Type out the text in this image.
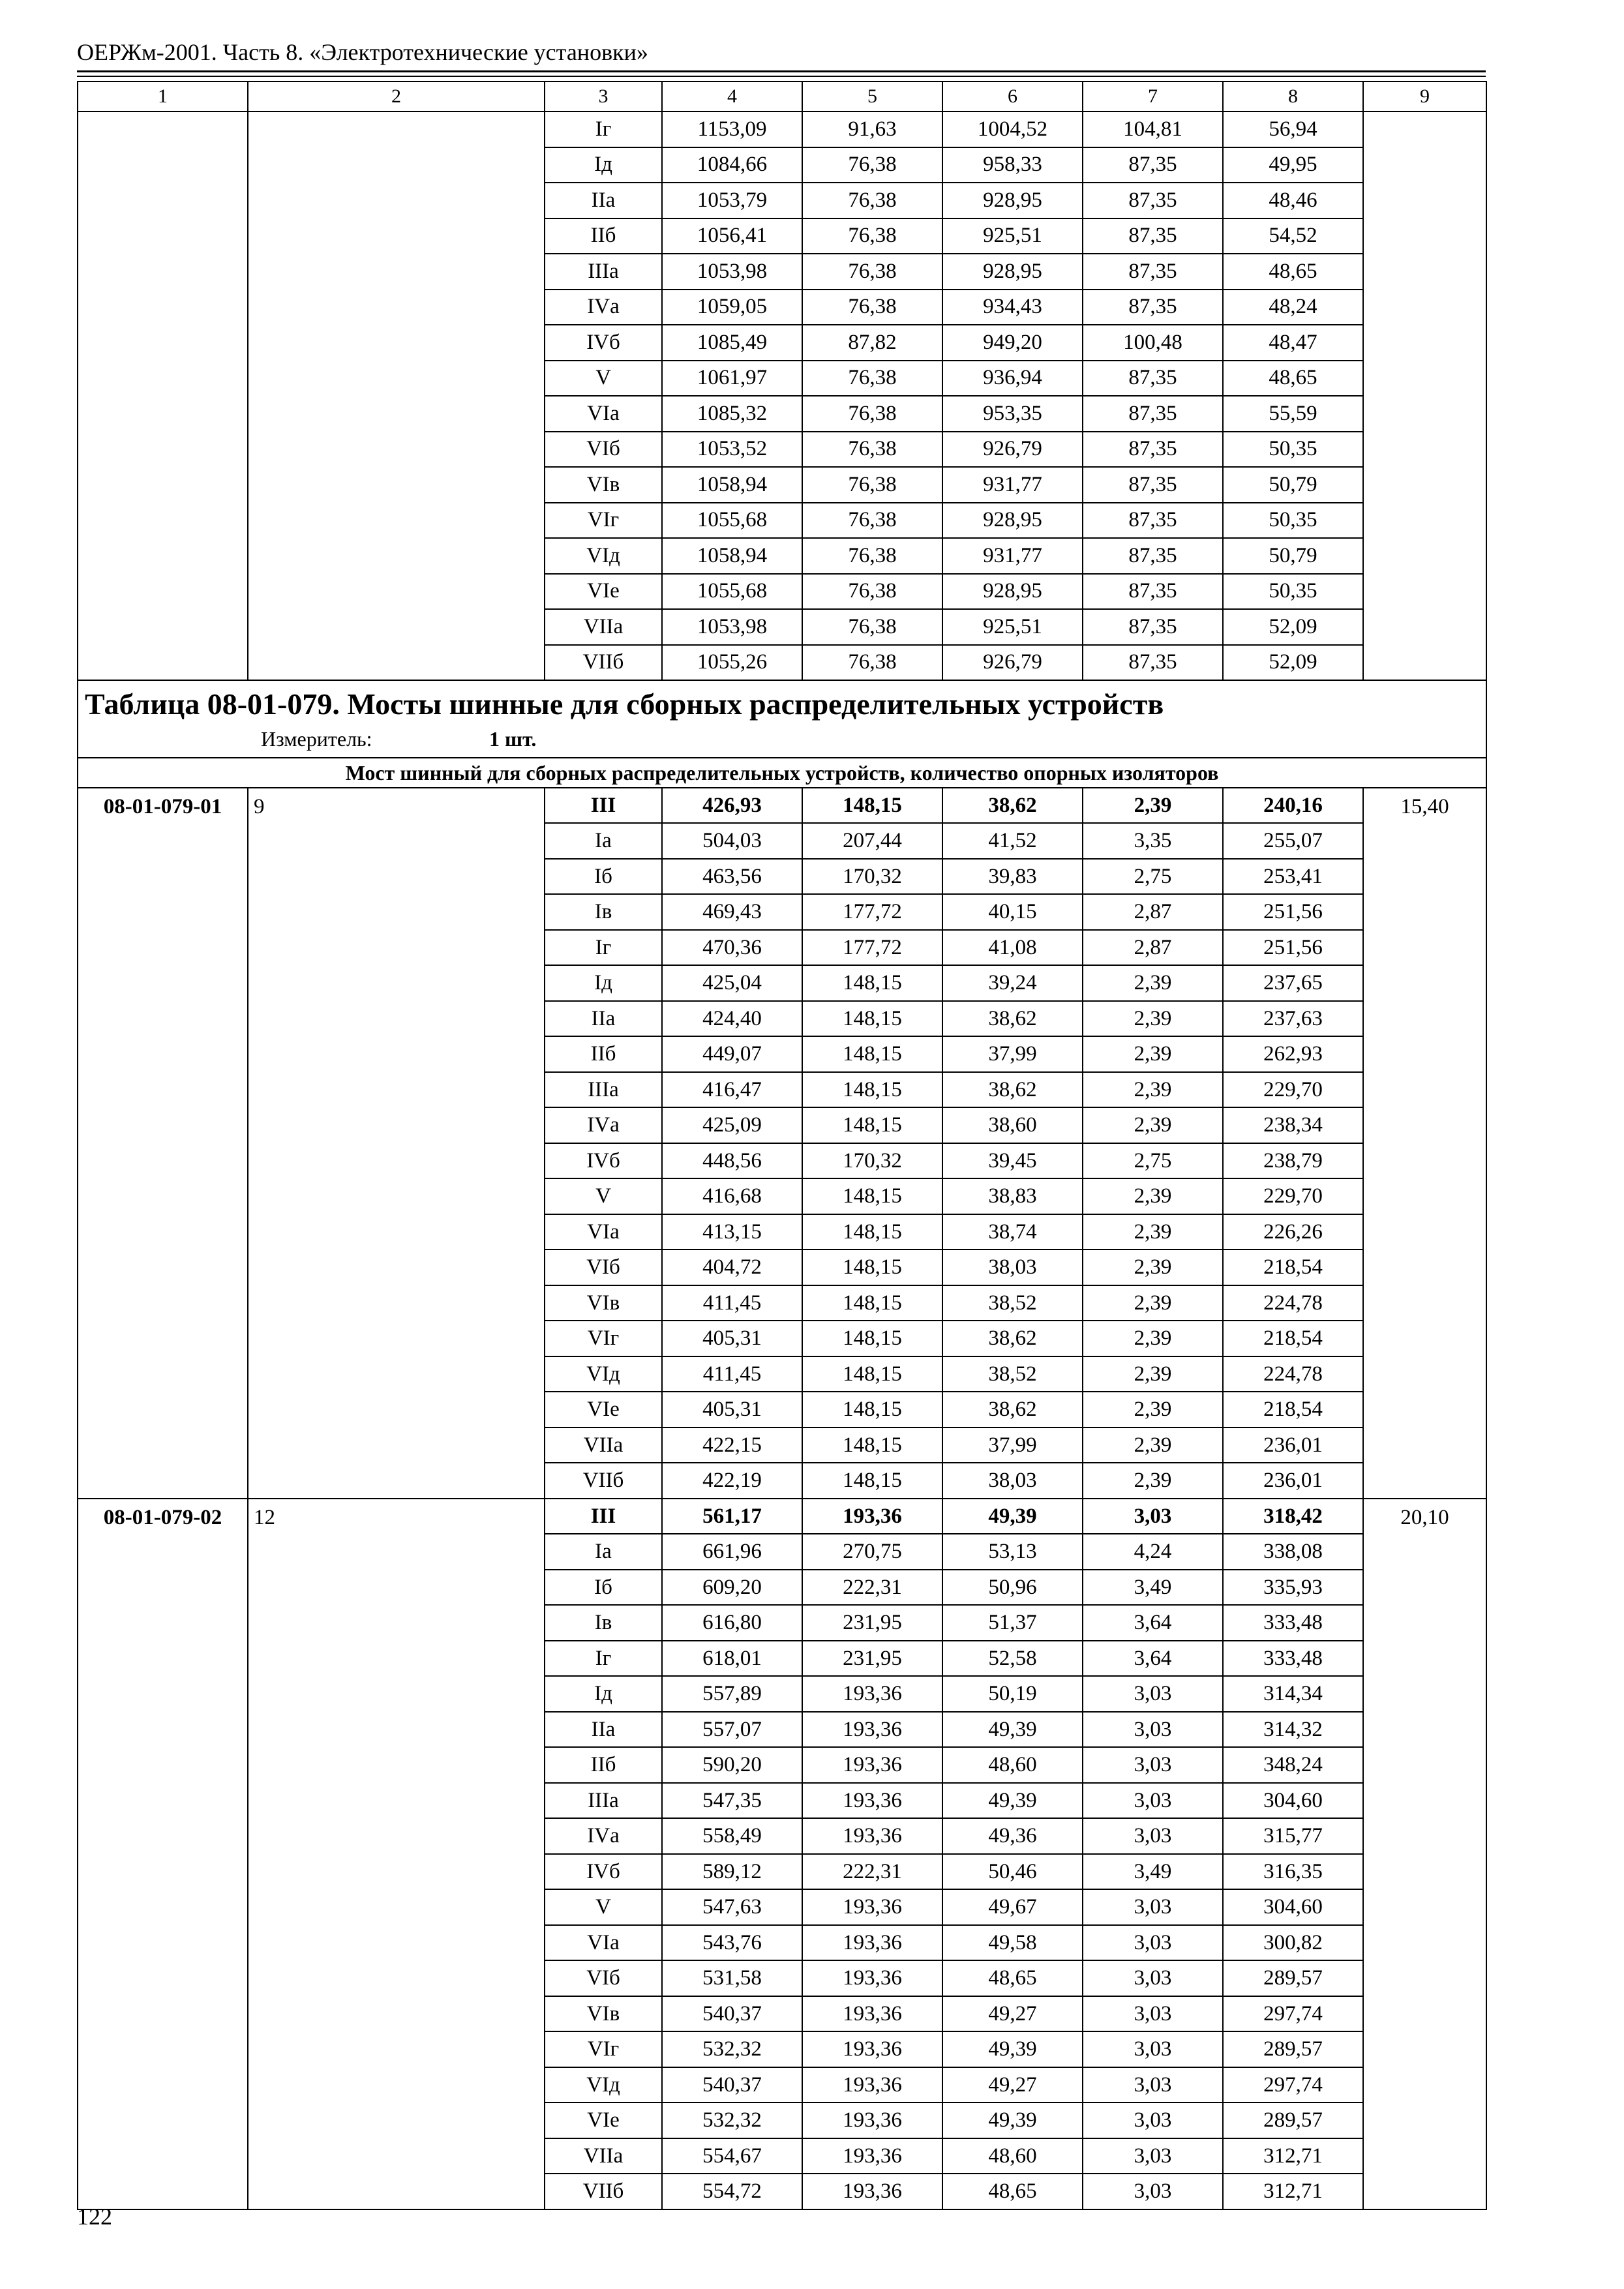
ОЕРЖм-2001. Часть 8. «Электротехнические установки»
1	2	3	4	5	6	7	8	9
		Iг	1153,09	91,63	1004,52	104,81	56,94	
		Iд	1084,66	76,38	958,33	87,35	49,95	
		IIа	1053,79	76,38	928,95	87,35	48,46	
		IIб	1056,41	76,38	925,51	87,35	54,52	
		IIIа	1053,98	76,38	928,95	87,35	48,65	
		IVа	1059,05	76,38	934,43	87,35	48,24	
		IVб	1085,49	87,82	949,20	100,48	48,47	
		V	1061,97	76,38	936,94	87,35	48,65	
		VIа	1085,32	76,38	953,35	87,35	55,59	
		VIб	1053,52	76,38	926,79	87,35	50,35	
		VIв	1058,94	76,38	931,77	87,35	50,79	
		VIг	1055,68	76,38	928,95	87,35	50,35	
		VIд	1058,94	76,38	931,77	87,35	50,79	
		VIе	1055,68	76,38	928,95	87,35	50,35	
		VIIа	1053,98	76,38	925,51	87,35	52,09	
		VIIб	1055,26	76,38	926,79	87,35	52,09	

Таблица 08-01-079. Мосты шинные для сборных распределительных устройств
Измеритель: 1 шт.								

Мост шинный для сборных распределительных устройств, количество опорных изоляторов								
08-01-079-01	9	III	426,93	148,15	38,62	2,39	240,16	15,40
		Iа	504,03	207,44	41,52	3,35	255,07	
		Iб	463,56	170,32	39,83	2,75	253,41	
		Iв	469,43	177,72	40,15	2,87	251,56	
		Iг	470,36	177,72	41,08	2,87	251,56	
		Iд	425,04	148,15	39,24	2,39	237,65	
		IIа	424,40	148,15	38,62	2,39	237,63	
		IIб	449,07	148,15	37,99	2,39	262,93	
		IIIа	416,47	148,15	38,62	2,39	229,70	
		IVа	425,09	148,15	38,60	2,39	238,34	
		IVб	448,56	170,32	39,45	2,75	238,79	
		V	416,68	148,15	38,83	2,39	229,70	
		VIа	413,15	148,15	38,74	2,39	226,26	
		VIб	404,72	148,15	38,03	2,39	218,54	
		VIв	411,45	148,15	38,52	2,39	224,78	
		VIг	405,31	148,15	38,62	2,39	218,54	
		VIд	411,45	148,15	38,52	2,39	224,78	
		VIе	405,31	148,15	38,62	2,39	218,54	
		VIIа	422,15	148,15	37,99	2,39	236,01	
		VIIб	422,19	148,15	38,03	2,39	236,01	
08-01-079-02	12	III	561,17	193,36	49,39	3,03	318,42	20,10
		Iа	661,96	270,75	53,13	4,24	338,08	
		Iб	609,20	222,31	50,96	3,49	335,93	
		Iв	616,80	231,95	51,37	3,64	333,48	
		Iг	618,01	231,95	52,58	3,64	333,48	
		Iд	557,89	193,36	50,19	3,03	314,34	
		IIа	557,07	193,36	49,39	3,03	314,32	
		IIб	590,20	193,36	48,60	3,03	348,24	
		IIIа	547,35	193,36	49,39	3,03	304,60	
		IVа	558,49	193,36	49,36	3,03	315,77	
		IVб	589,12	222,31	50,46	3,49	316,35	
		V	547,63	193,36	49,67	3,03	304,60	
		VIа	543,76	193,36	49,58	3,03	300,82	
		VIб	531,58	193,36	48,65	3,03	289,57	
		VIв	540,37	193,36	49,27	3,03	297,74	
		VIг	532,32	193,36	49,39	3,03	289,57	
		VIд	540,37	193,36	49,27	3,03	297,74	
		VIе	532,32	193,36	49,39	3,03	289,57	
		VIIа	554,67	193,36	48,60	3,03	312,71	
		VIIб	554,72	193,36	48,65	3,03	312,71	
122
